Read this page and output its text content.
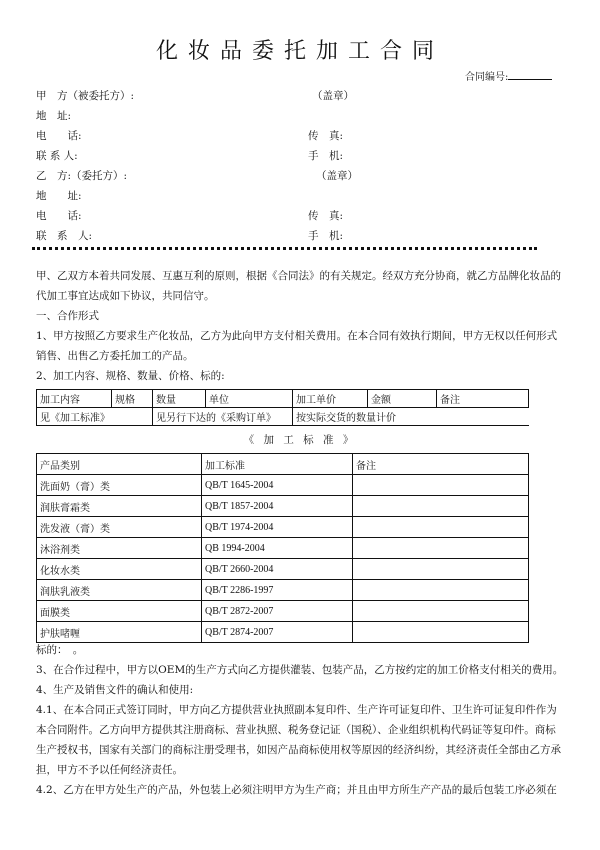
化妆品委托加工合同
合同编号:
甲　方（被委托方）:	（盖章）
地　址:
电　　话:	传　真:
联 系 人:	手　机:
乙　方:（委托方）:	（盖章）
地　　址:
电　　话:	传　真:
联　系　人:	手　机:
甲、乙双方本着共同发展、互惠互利的原则，根据《合同法》的有关规定。经双方充分协商，就乙方品牌化妆品的代加工事宜达成如下协议，共同信守。
一、合作形式
1、甲方按照乙方要求生产化妆品，乙方为此向甲方支付相关费用。在本合同有效执行期间，甲方无权以任何形式销售、出售乙方委托加工的产品。
2、加工内容、规格、数量、价格、标的:
加工内容	规格	数量	单位	加工单价	金额	备注
见《加工标准》		见另行下达的《采购订单》		按实际交货的数量计价		
《 加 工 标 准 》
产品类别	加工标准	备注
洗面奶（膏）类	QB/T 1645-2004	
润肤膏霜类	QB/T 1857-2004	
洗发液（膏）类	QB/T 1974-2004	
沐浴剂类	QB 1994-2004	
化妆水类	QB/T 2660-2004	
润肤乳液类	QB/T 2286-1997	
面膜类	QB/T 2872-2007	
护肤啫喱	QB/T 2874-2007	
标的：　。
3、在合作过程中，甲方以OEM的生产方式向乙方提供灌装、包装产品，乙方按约定的加工价格支付相关的费用。
4、生产及销售文件的确认和使用:
4.1、在本合同正式签订同时，甲方向乙方提供营业执照副本复印件、生产许可证复印件、卫生许可证复印件作为本合同附件。乙方向甲方提供其注册商标、营业执照、税务登记证（国税）、企业组织机构代码证等复印件。商标生产授权书，国家有关部门的商标注册受理书，如因产品商标使用权等原因的经济纠纷，其经济责任全部由乙方承担，甲方不予以任何经济责任。
4.2、乙方在甲方处生产的产品，外包装上必须注明甲方为生产商；并且由甲方所生产产品的最后包装工序必须在
